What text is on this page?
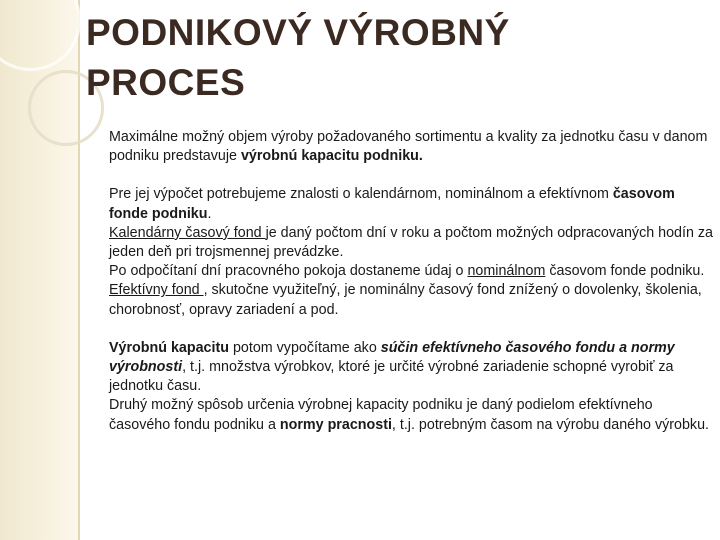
PODNIKOVÝ VÝROBNÝ
PROCES

Maximálne možný objem výroby požadovaného sortimentu a kvality za jednotku času v danom podniku predstavuje výrobnú kapacitu podniku.

Pre jej výpočet potrebujeme znalosti o kalendárnom, nominálnom a efektívnom časovom fonde podniku.

Kalendárny časový fond je daný počtom dní v roku a počtom možných odpracovaných hodín za jeden deň pri trojsmennej prevádzke.

Po odpočítaní dní pracovného pokoja dostaneme údaj o nominálnom časovom fonde podniku.

Efektívny fond , skutočne využiteľný, je nominálny časový fond znížený o dovolenky, školenia, chorobnosť, opravy zariadení a pod.

Výrobnú kapacitu potom vypočítame ako súčin efektívneho časového fondu a normy výrobnosti, t.j. množstva výrobkov, ktoré je určité výrobné zariadenie schopné vyrobiť za jednotku času.

Druhý možný spôsob určenia výrobnej kapacity podniku je daný podielom efektívneho časového fondu podniku a normy pracnosti, t.j. potrebným časom na výrobu daného výrobku.
